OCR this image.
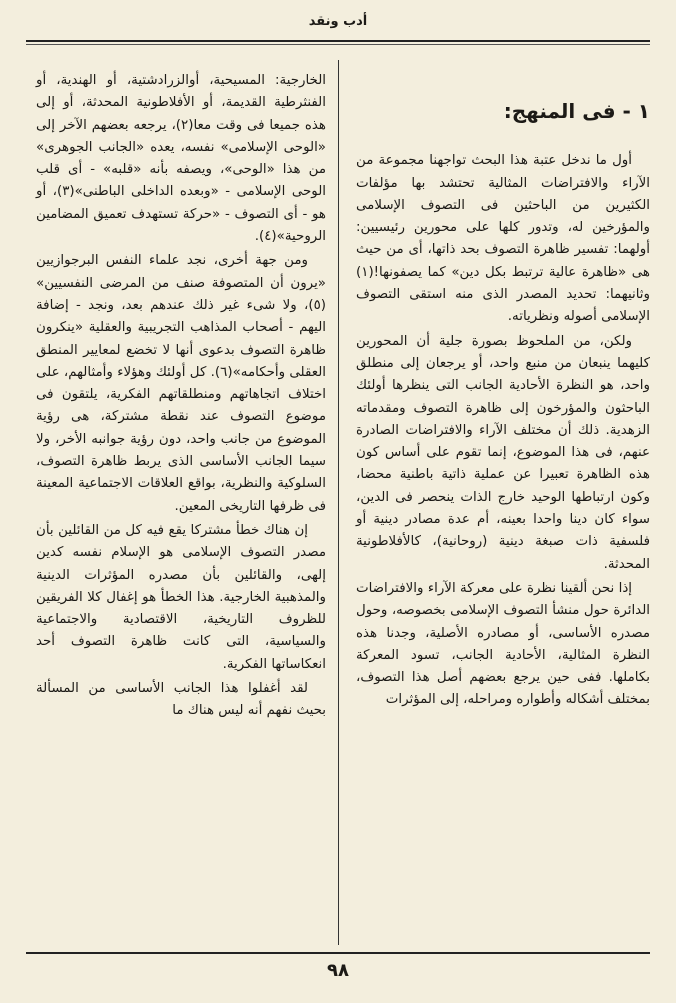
أدب ونقد
١ - فى المنهج:

أول ما ندخل عتبة هذا البحث تواجهنا مجموعة من الآراء والافتراضات المثالية تحتشد بها مؤلفات الكثيرين من الباحثين فى التصوف الإسلامى والمؤرخين له، وتدور كلها على محورين رئيسيين: أولهما: تفسير ظاهرة التصوف بحد ذاتها، أى من حيث هى «ظاهرة عالية ترتبط بكل دين» كما يصفونها!(١) وثانيهما: تحديد المصدر الذى منه استقى التصوف الإسلامى أصوله ونظرياته.

ولكن، من الملحوظ بصورة جلية أن المحورين كليهما ينبعان من منبع واحد، أو يرجعان إلى منطلق واحد، هو النظرة الأحادية الجانب التى ينظرها أولئك الباحثون والمؤرخون إلى ظاهرة التصوف ومقدماته الزهدية. ذلك أن مختلف الآراء والافتراضات الصادرة عنهم، فى هذا الموضوع، إنما تقوم على أساس كون هذه الظاهرة تعبيرا عن عملية ذاتية باطنية محضا، وكون ارتباطها الوحيد خارج الذات ينحصر فى الدين، سواء كان دينا واحدا بعينه، أم عدة مصادر دينية أو فلسفية ذات صبغة دينية (روحانية)، كالأفلاطونية المحدثة.

إذا نحن ألقينا نظرة على معركة الآراء والافتراضات الدائرة حول منشأ التصوف الإسلامى بخصوصه، وحول مصدره الأساسى، أو مصادره الأصلية، وجدنا هذه النظرة المثالية، الأحادية الجانب، تسود المعركة بكاملها. ففى حين يرجع بعضهم أصل هذا التصوف، بمختلف أشكاله وأطواره ومراحله، إلى المؤثرات

الخارجية: المسيحية، أوالزرادشتية، أو الهندية، أو الفنثرطية القديمة، أو الأفلاطونية المحدثة، أو إلى هذه جميعا فى وقت معا(٢)، يرجعه بعضهم الآخر إلى «الوحى الإسلامى» نفسه، يعده «الجانب الجوهرى» من هذا «الوحى»، ويصفه بأنه «قلبه» - أى قلب الوحى الإسلامى - «وبعده الداخلى الباطنى»(٣)، أو هو - أى التصوف - «حركة تستهدف تعميق المضامين الروحية»(٤).

ومن جهة أخرى، نجد علماء النفس البرجوازيين «يرون أن المتصوفة صنف من المرضى النفسيين» (٥)، ولا شىء غير ذلك عندهم بعد، ونجد - إضافة اليهم - أصحاب المذاهب التجريبية والعقلية «ينكرون ظاهرة التصوف بدعوى أنها لا تخضع لمعايير المنطق العقلى وأحكامه»(٦). كل أولئك وهؤلاء وأمثالهم، على اختلاف اتجاهاتهم ومنطلقاتهم الفكرية، يلتقون فى موضوع التصوف عند نقطة مشتركة، هى رؤية الموضوع من جانب واحد، دون رؤية جوانبه الأخر، ولا سيما الجانب الأساسى الذى يربط ظاهرة التصوف، السلوكية والنظرية، بواقع العلاقات الاجتماعية المعينة فى ظرفها التاريخى المعين.

إن هناك خطأ مشتركا يقع فيه كل من القائلين بأن مصدر التصوف الإسلامى هو الإسلام نفسه كدين إلهى، والقائلين بأن مصدره المؤثرات الدينية والمذهبية الخارجية. هذا الخطأ هو إغفال كلا الفريقين للظروف التاريخية، الاقتصادية والاجتماعية والسياسية، التى كانت ظاهرة التصوف أحد انعكاساتها الفكرية.

لقد أغفلوا هذا الجانب الأساسى من المسألة بحيث نفهم أنه ليس هناك ما

٩٨
